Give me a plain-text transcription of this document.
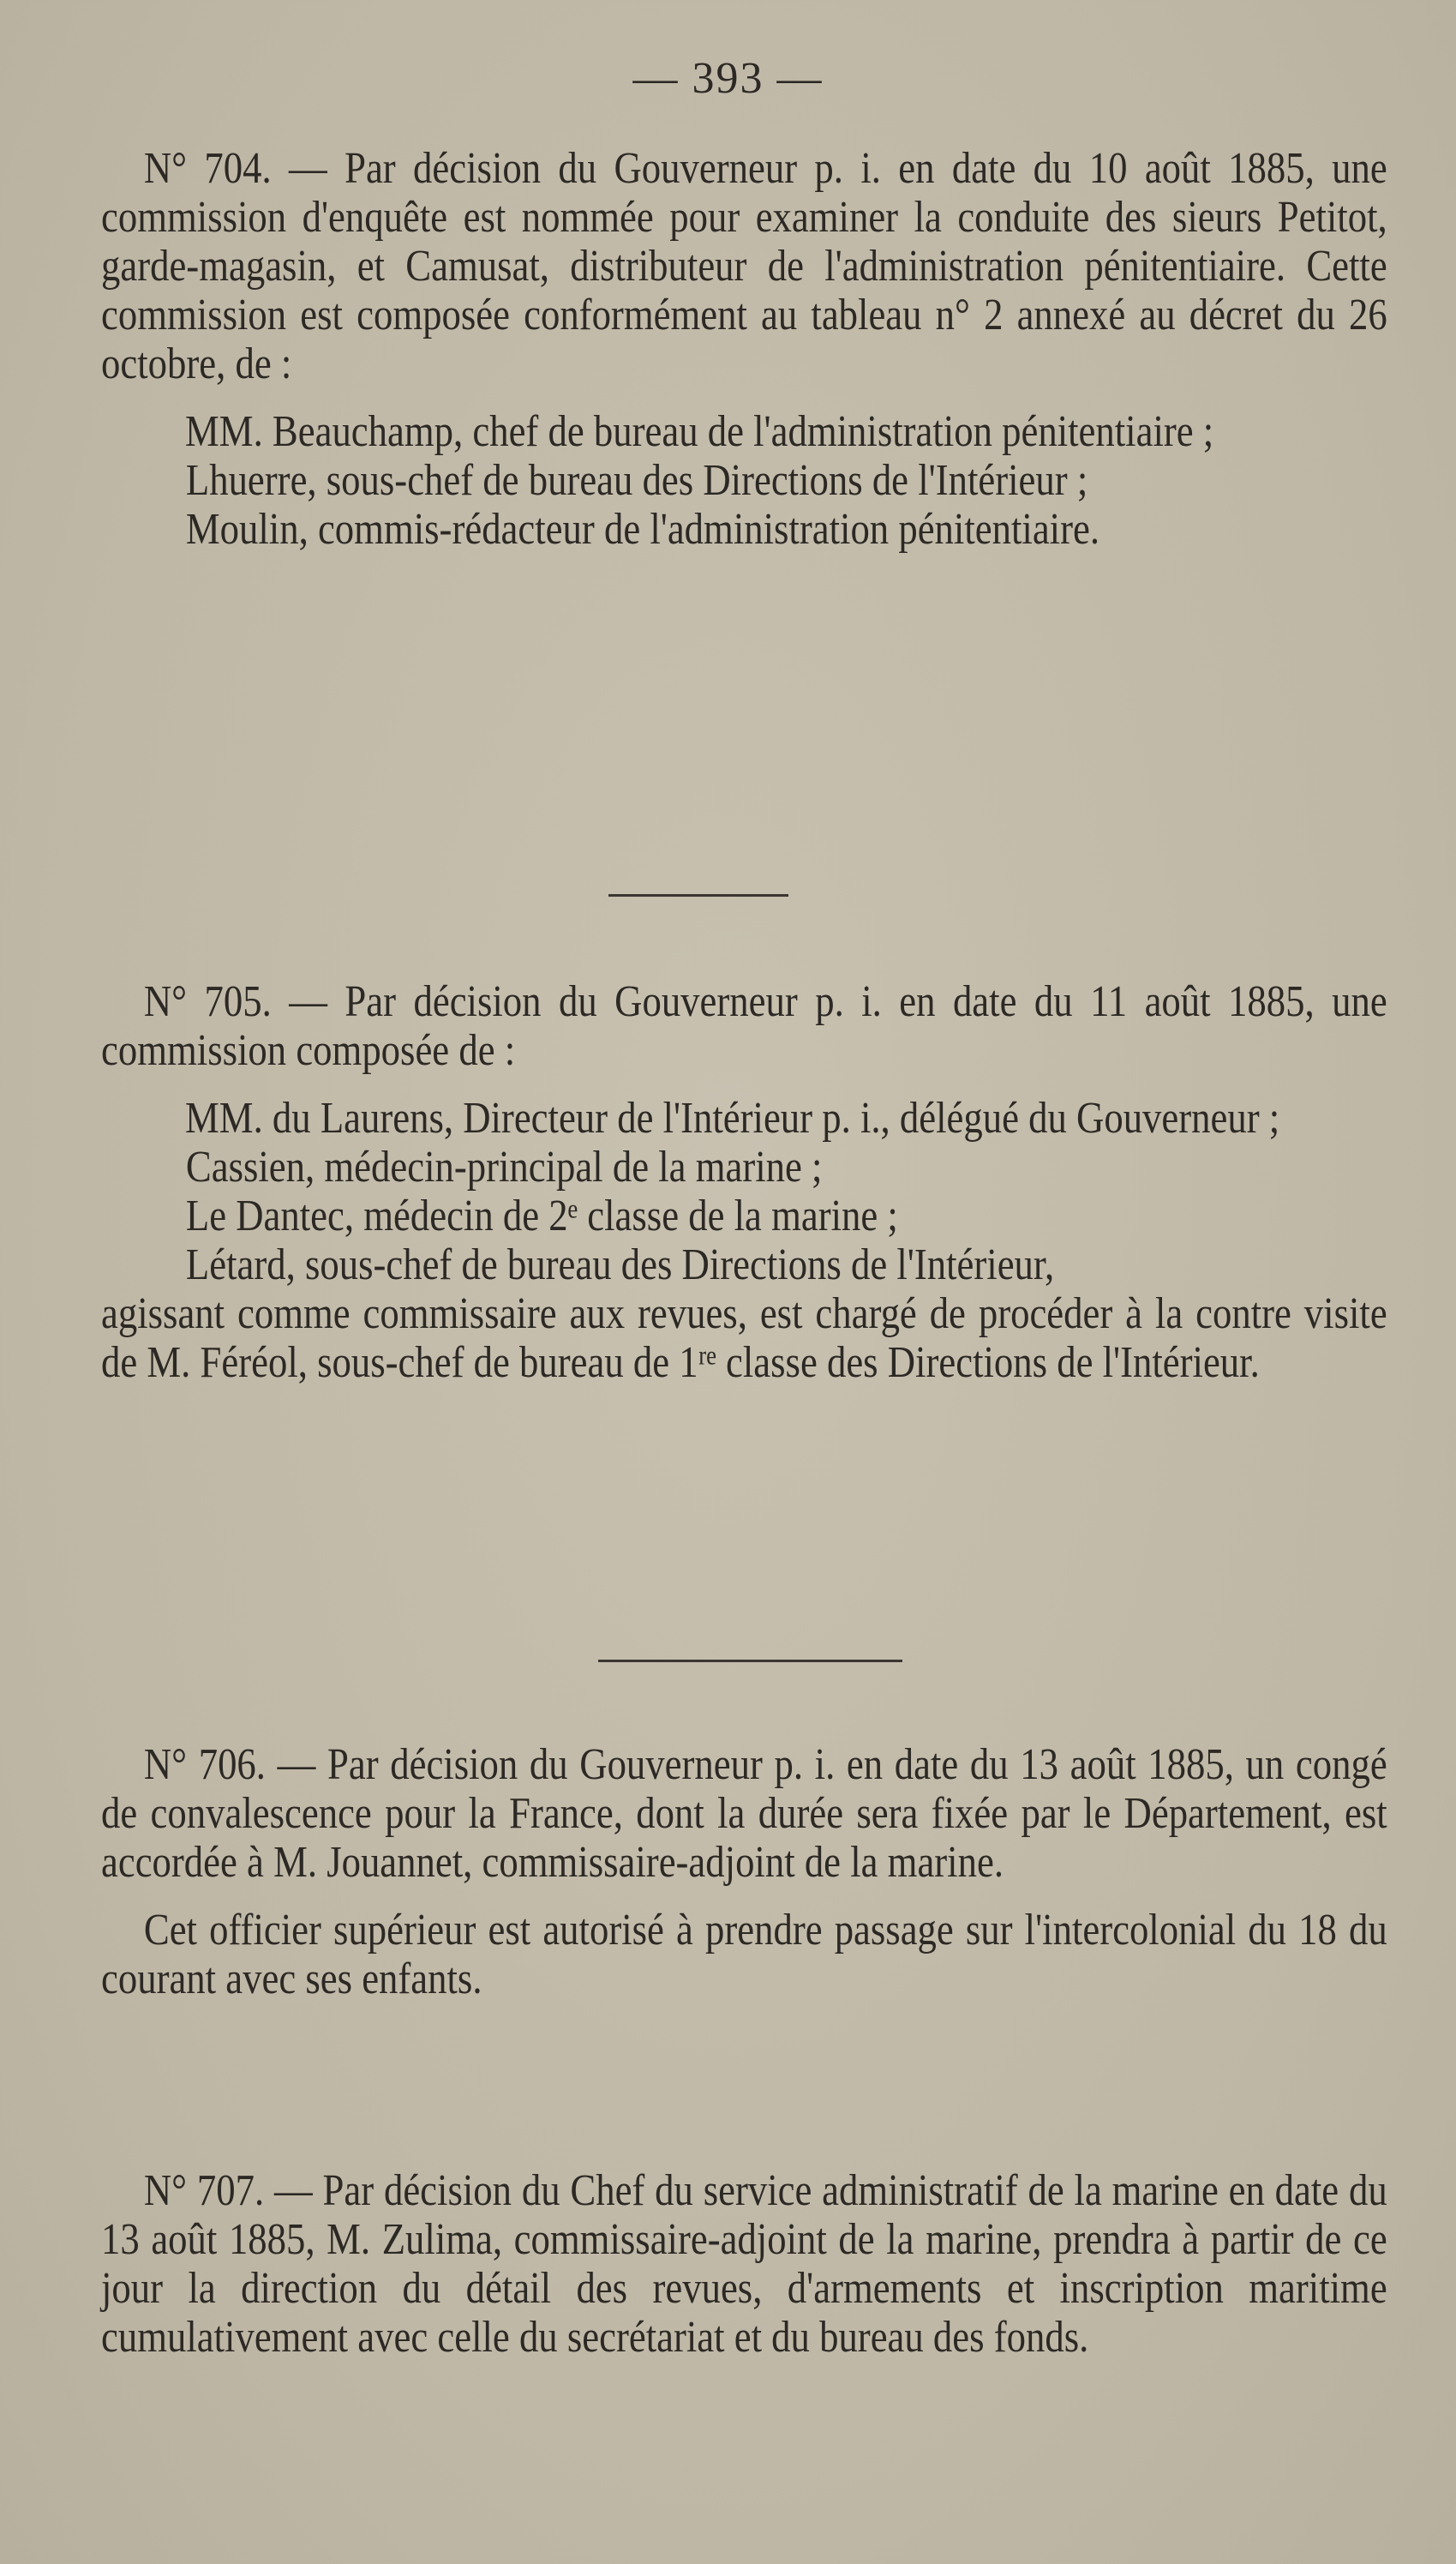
— 393 —

N° 704. — Par décision du Gouverneur p. i. en date du 10 août 1885, une commission d'enquête est nommée pour examiner la conduite des sieurs Petitot, garde-magasin, et Camusat, distributeur de l'administration pénitentiaire. Cette commission est composée conformément au tableau n° 2 annexé au décret du 26 octobre, de :

MM. Beauchamp, chef de bureau de l'administration pénitentiaire ;

Lhuerre, sous-chef de bureau des Directions de l'Intérieur ;

Moulin, commis-rédacteur de l'administration pénitentiaire.

N° 705. — Par décision du Gouverneur p. i. en date du 11 août 1885, une commission composée de :

MM. du Laurens, Directeur de l'Intérieur p. i., délégué du Gouverneur ;

Cassien, médecin-principal de la marine ;

Le Dantec, médecin de 2ᵉ classe de la marine ;

Létard, sous-chef de bureau des Directions de l'Intérieur,

agissant comme commissaire aux revues, est chargé de procéder à la contre visite de M. Féréol, sous-chef de bureau de 1ʳᵉ classe des Directions de l'Intérieur.

N° 706. — Par décision du Gouverneur p. i. en date du 13 août 1885, un congé de convalescence pour la France, dont la durée sera fixée par le Département, est accordée à M. Jouannet, commissaire-adjoint de la marine.

Cet officier supérieur est autorisé à prendre passage sur l'intercolonial du 18 du courant avec ses enfants.

N° 707. — Par décision du Chef du service administratif de la marine en date du 13 août 1885, M. Zulima, commissaire-adjoint de la marine, prendra à partir de ce jour la direction du détail des revues, d'armements et inscription maritime cumulativement avec celle du secrétariat et du bureau des fonds.
